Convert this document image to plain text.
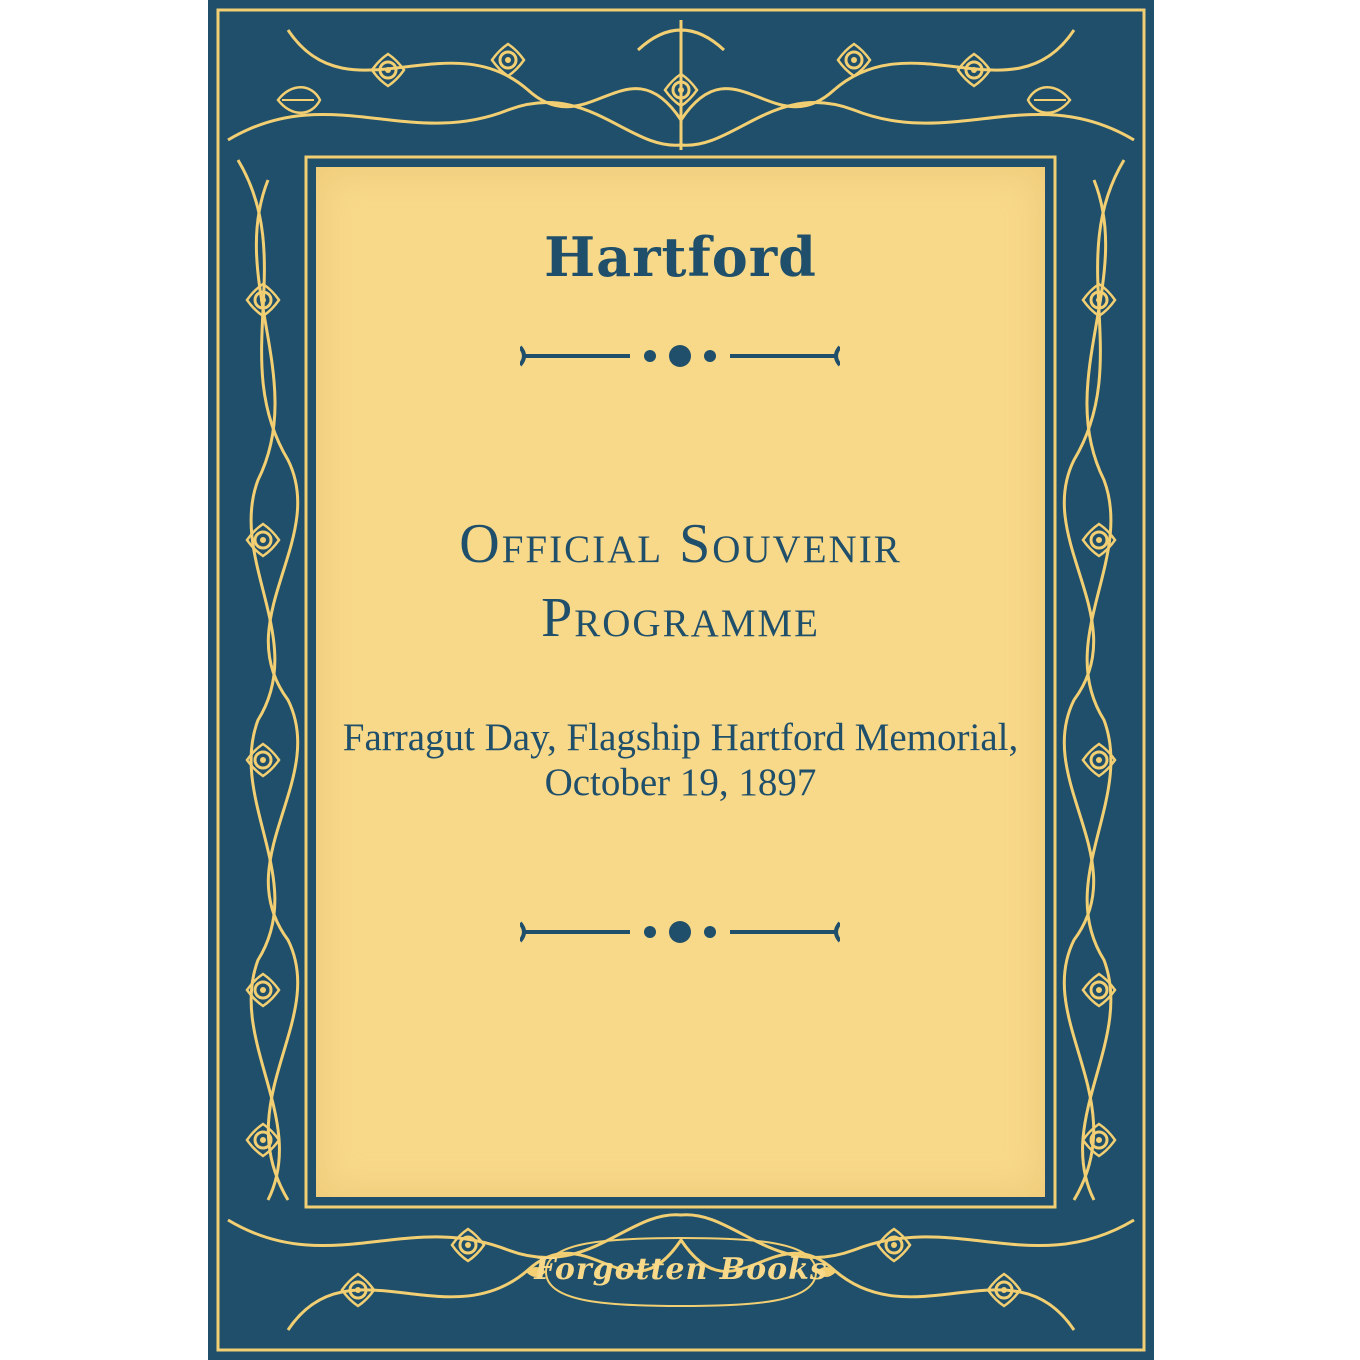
Hartford
Official Souvenir Programme
Farragut Day, Flagship Hartford Memorial, October 19, 1897
Forgotten Books
